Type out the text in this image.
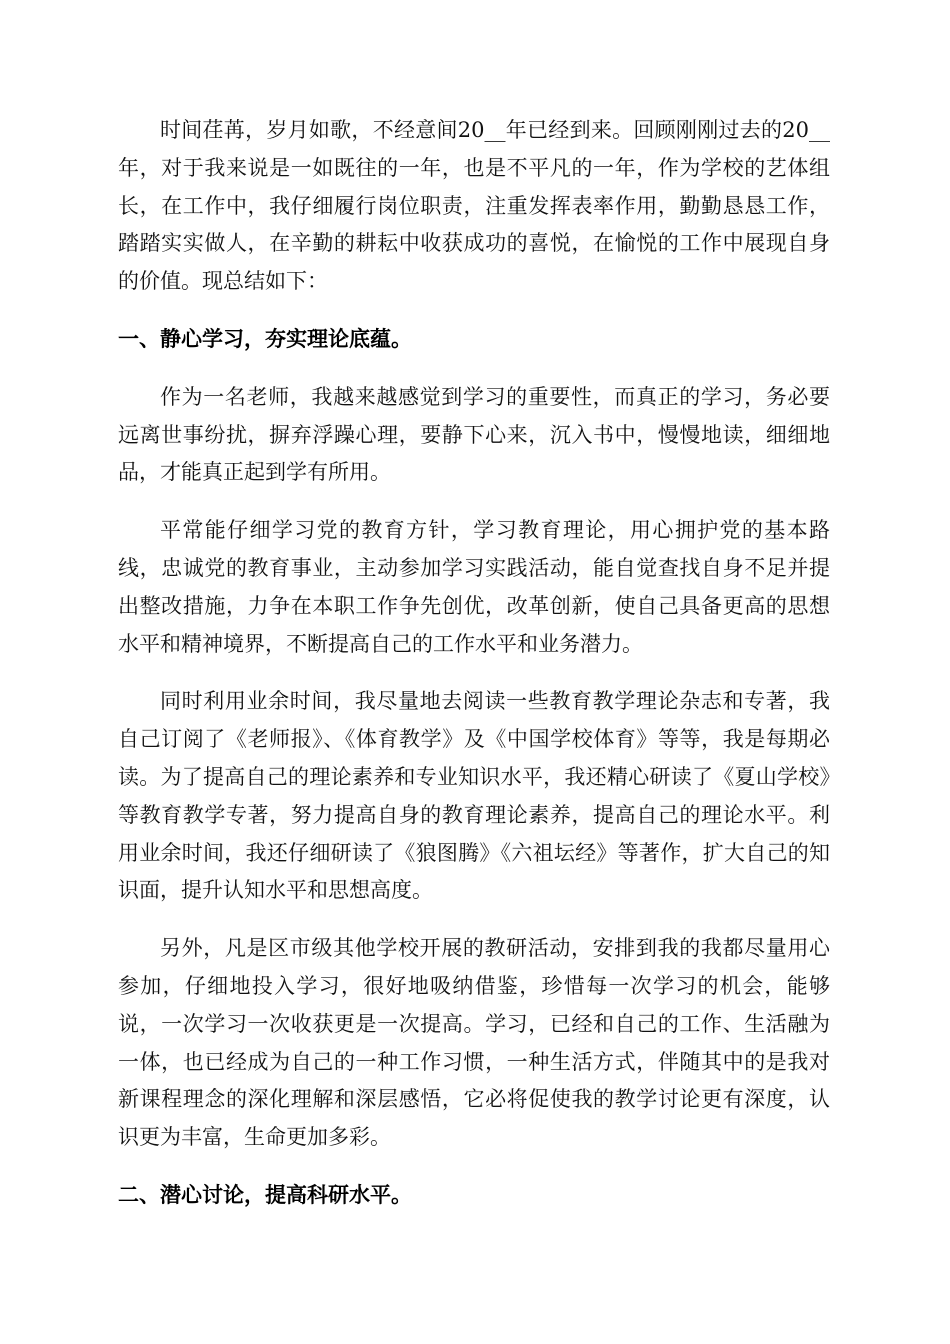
时间荏苒，岁月如歌，不经意间20__年已经到来。回顾刚刚过去的20__年，对于我来说是一如既往的一年，也是不平凡的一年，作为学校的艺体组长，在工作中，我仔细履行岗位职责，注重发挥表率作用，勤勤恳恳工作，踏踏实实做人，在辛勤的耕耘中收获成功的喜悦，在愉悦的工作中展现自身的价值。现总结如下：

一、静心学习，夯实理论底蕴。

作为一名老师，我越来越感觉到学习的重要性，而真正的学习，务必要远离世事纷扰，摒弃浮躁心理，要静下心来，沉入书中，慢慢地读，细细地品，才能真正起到学有所用。

平常能仔细学习党的教育方针，学习教育理论，用心拥护党的基本路线，忠诚党的教育事业，主动参加学习实践活动，能自觉查找自身不足并提出整改措施，力争在本职工作争先创优，改革创新，使自己具备更高的思想水平和精神境界，不断提高自己的工作水平和业务潜力。

同时利用业余时间，我尽量地去阅读一些教育教学理论杂志和专著，我自己订阅了《老师报》、《体育教学》及《中国学校体育》等等，我是每期必读。为了提高自己的理论素养和专业知识水平，我还精心研读了《夏山学校》等教育教学专著，努力提高自身的教育理论素养，提高自己的理论水平。利用业余时间，我还仔细研读了《狼图腾》《六祖坛经》等著作，扩大自己的知识面，提升认知水平和思想高度。

另外，凡是区市级其他学校开展的教研活动，安排到我的我都尽量用心参加，仔细地投入学习，很好地吸纳借鉴，珍惜每一次学习的机会，能够说，一次学习一次收获更是一次提高。学习，已经和自己的工作、生活融为一体，也已经成为自己的一种工作习惯，一种生活方式，伴随其中的是我对新课程理念的深化理解和深层感悟，它必将促使我的教学讨论更有深度，认识更为丰富，生命更加多彩。

二、潜心讨论，提高科研水平。
